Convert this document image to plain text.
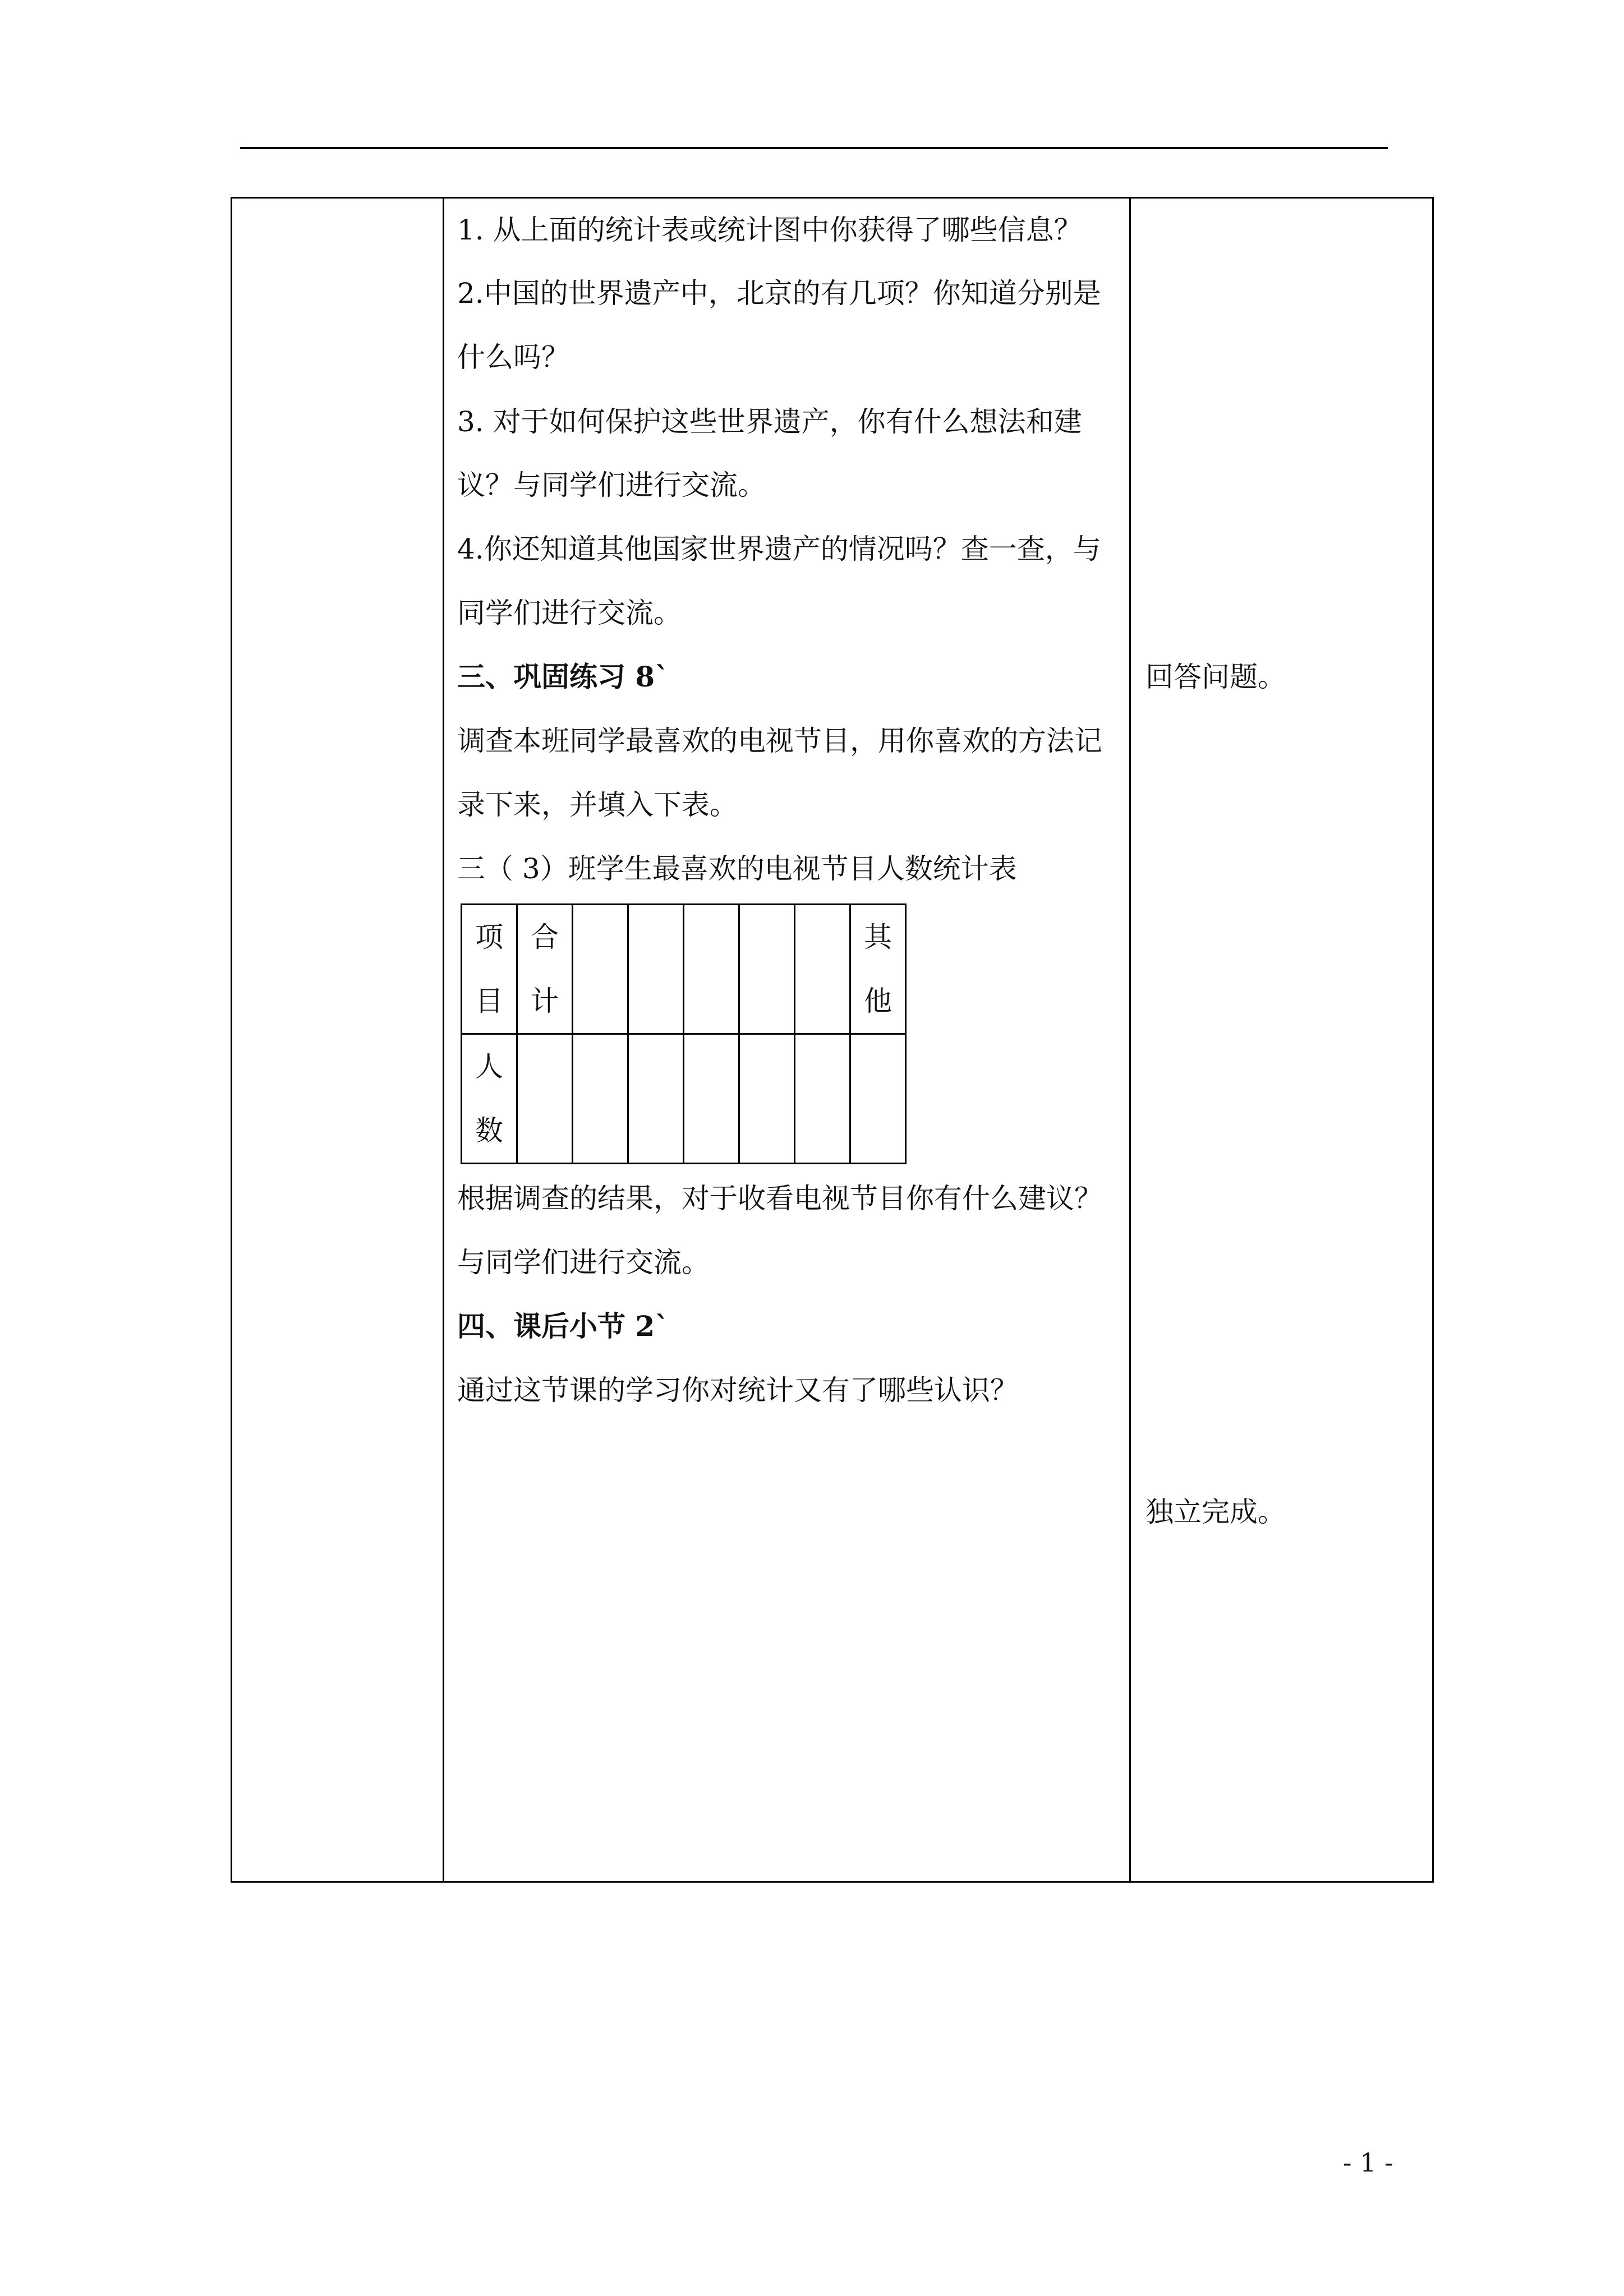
1. 从上面的统计表或统计图中你获得了哪些信息？
2.中国的世界遗产中，北京的有几项？你知道分别是
什么吗？
3. 对于如何保护这些世界遗产，你有什么想法和建
议？与同学们进行交流。
4.你还知道其他国家世界遗产的情况吗？查一查，与
同学们进行交流。
三、巩固练习 8`
调查本班同学最喜欢的电视节目，用你喜欢的方法记
录下来，并填入下表。
三（ 3）班学生最喜欢的电视节目人数统计表
项目	合计						其他
人数							
根据调查的结果，对于收看电视节目你有什么建议？
与同学们进行交流。
四、课后小节 2`
通过这节课的学习你对统计又有了哪些认识？
回答问题。
独立完成。
- 1 -
